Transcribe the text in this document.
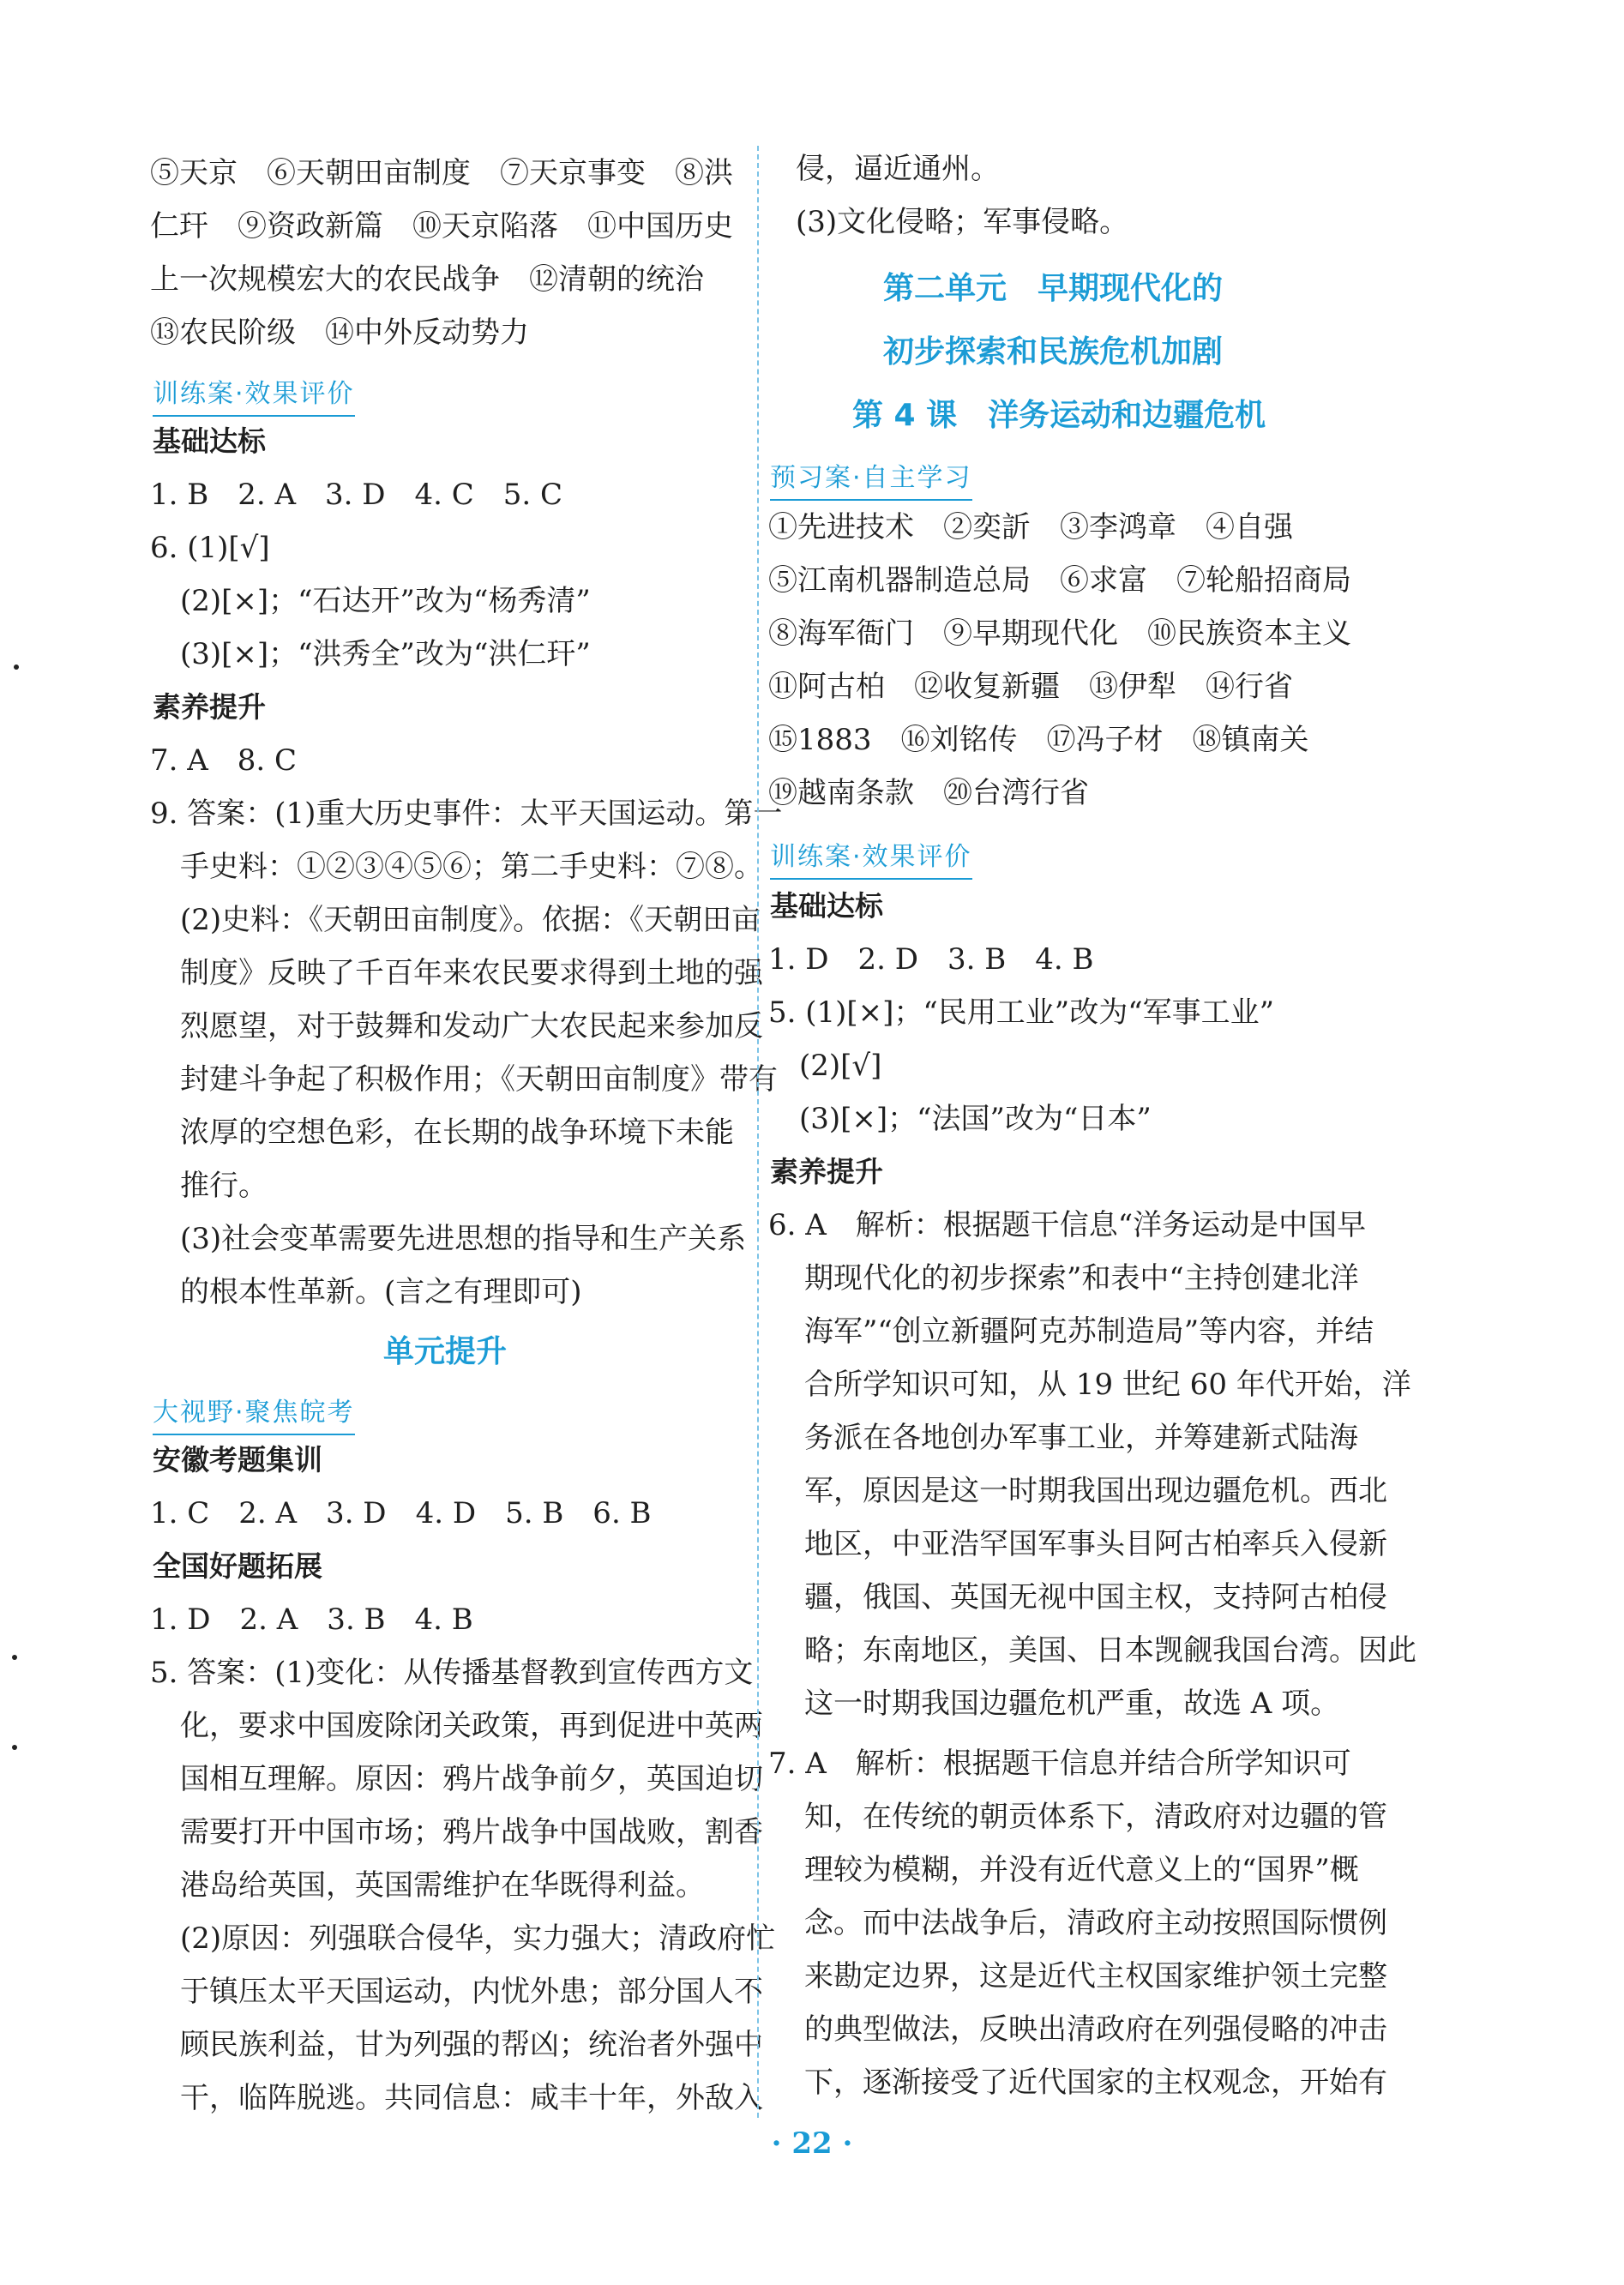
⑤天京　⑥天朝田亩制度　⑦天京事变　⑧洪
仁玕　⑨资政新篇　⑩天京陷落　⑪中国历史
上一次规模宏大的农民战争　⑫清朝的统治
⑬农民阶级　⑭中外反动势力
训练案·效果评价
基础达标
1. B　2. A　3. D　4. C　5. C
6. (1)[√]
(2)[×]；“石达开”改为“杨秀清”
(3)[×]；“洪秀全”改为“洪仁玕”
素养提升
7. A　8. C
9. 答案：(1)重大历史事件：太平天国运动。第一
手史料：①②③④⑤⑥；第二手史料：⑦⑧。
(2)史料：《天朝田亩制度》。依据：《天朝田亩
制度》反映了千百年来农民要求得到土地的强
烈愿望，对于鼓舞和发动广大农民起来参加反
封建斗争起了积极作用；《天朝田亩制度》带有
浓厚的空想色彩，在长期的战争环境下未能
推行。
(3)社会变革需要先进思想的指导和生产关系
的根本性革新。(言之有理即可)
单元提升
大视野·聚焦皖考
安徽考题集训
1. C　2. A　3. D　4. D　5. B　6. B
全国好题拓展
1. D　2. A　3. B　4. B
5. 答案：(1)变化：从传播基督教到宣传西方文
化，要求中国废除闭关政策，再到促进中英两
国相互理解。原因：鸦片战争前夕，英国迫切
需要打开中国市场；鸦片战争中国战败，割香
港岛给英国，英国需维护在华既得利益。
(2)原因：列强联合侵华，实力强大；清政府忙
于镇压太平天国运动，内忧外患；部分国人不
顾民族利益，甘为列强的帮凶；统治者外强中
干，临阵脱逃。共同信息：咸丰十年，外敌入
侵，逼近通州。
(3)文化侵略；军事侵略。
第二单元　早期现代化的
初步探索和民族危机加剧
第 4 课　洋务运动和边疆危机
预习案·自主学习
①先进技术　②奕訢　③李鸿章　④自强
⑤江南机器制造总局　⑥求富　⑦轮船招商局
⑧海军衙门　⑨早期现代化　⑩民族资本主义
⑪阿古柏　⑫收复新疆　⑬伊犁　⑭行省
⑮1883　⑯刘铭传　⑰冯子材　⑱镇南关
⑲越南条款　⑳台湾行省
训练案·效果评价
基础达标
1. D　2. D　3. B　4. B
5. (1)[×]；“民用工业”改为“军事工业”
(2)[√]
(3)[×]；“法国”改为“日本”
素养提升
6. A　解析：根据题干信息“洋务运动是中国早
期现代化的初步探索”和表中“主持创建北洋
海军”“创立新疆阿克苏制造局”等内容，并结
合所学知识可知，从 19 世纪 60 年代开始，洋
务派在各地创办军事工业，并筹建新式陆海
军，原因是这一时期我国出现边疆危机。西北
地区，中亚浩罕国军事头目阿古柏率兵入侵新
疆，俄国、英国无视中国主权，支持阿古柏侵
略；东南地区，美国、日本觊觎我国台湾。因此
这一时期我国边疆危机严重，故选 A 项。
7. A　解析：根据题干信息并结合所学知识可
知，在传统的朝贡体系下，清政府对边疆的管
理较为模糊，并没有近代意义上的“国界”概
念。而中法战争后，清政府主动按照国际惯例
来勘定边界，这是近代主权国家维护领土完整
的典型做法，反映出清政府在列强侵略的冲击
下，逐渐接受了近代国家的主权观念，开始有
· 22 ·
